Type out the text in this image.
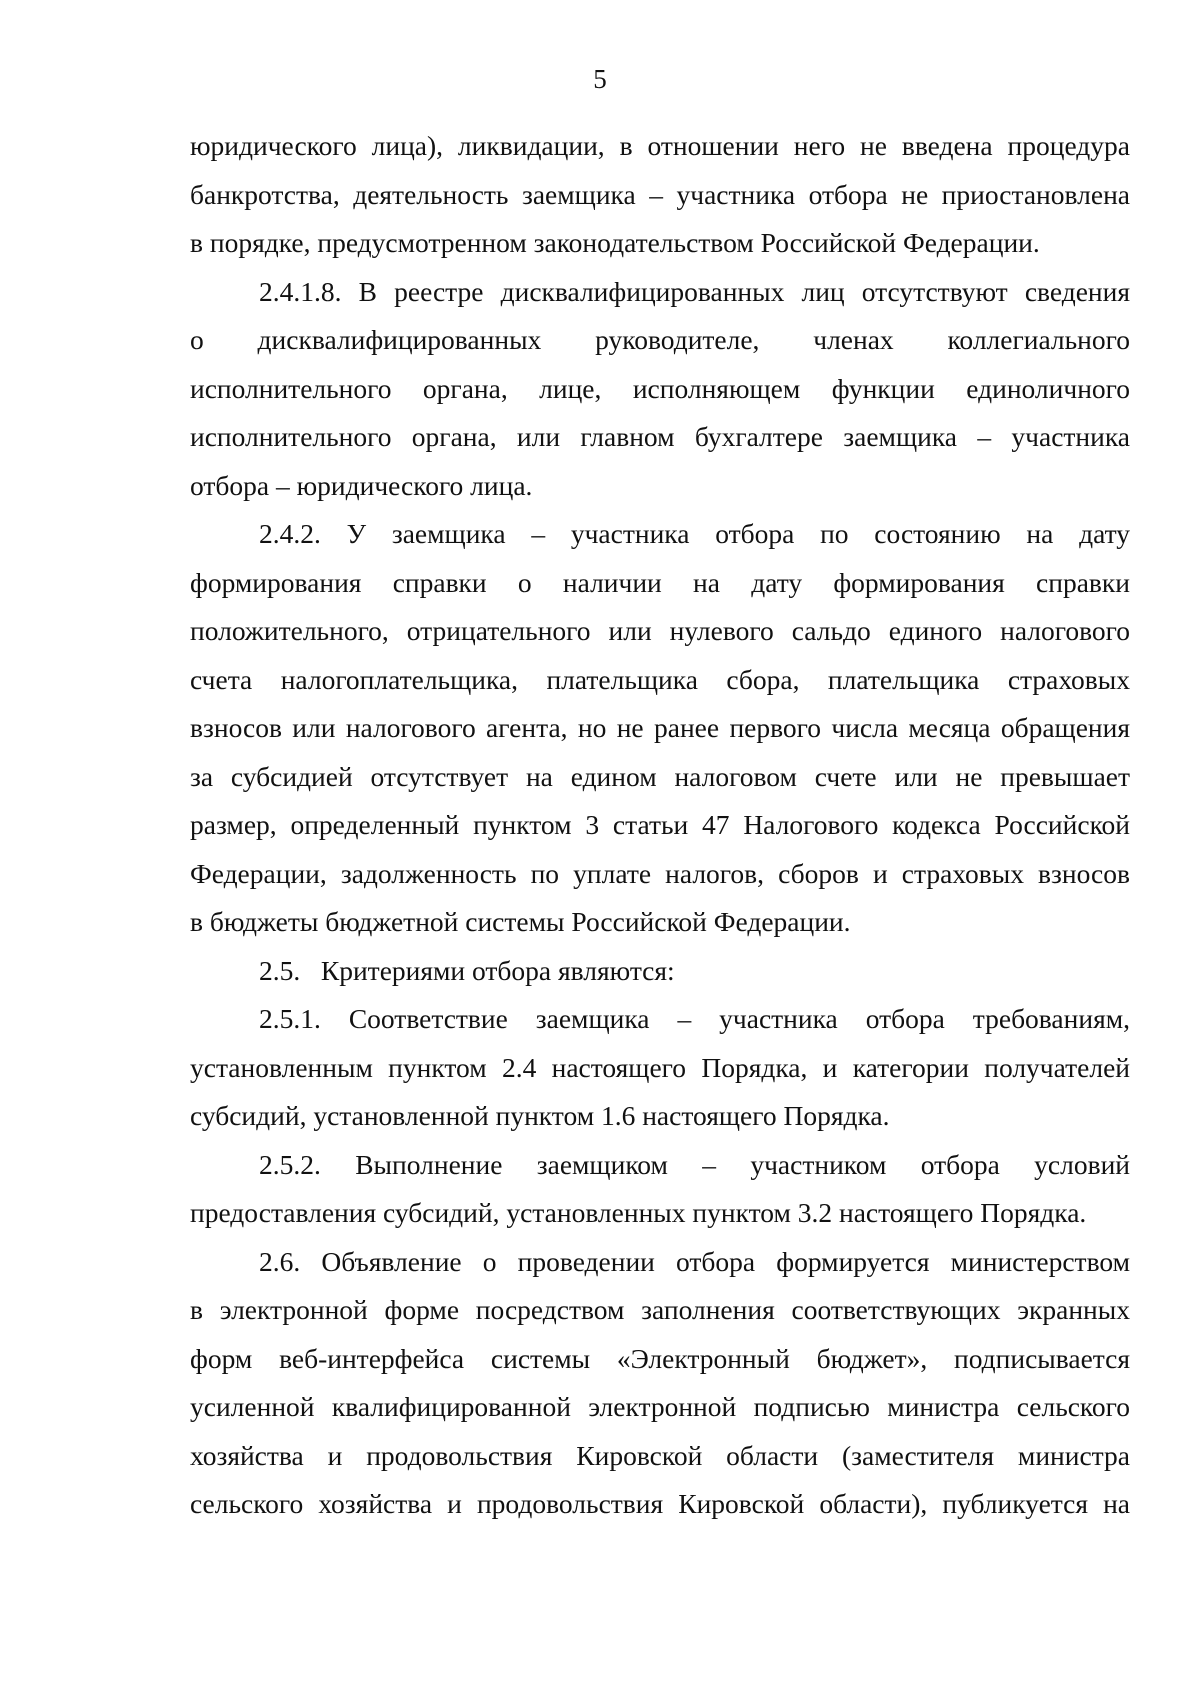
5
юридического лица), ликвидации, в отношении него не введена процедура
банкротства, деятельность заемщика – участника отбора не приостановлена
в порядке, предусмотренном законодательством Российской Федерации.
2.4.1.8. В реестре дисквалифицированных лиц отсутствуют сведения
о дисквалифицированных руководителе, членах коллегиального
исполнительного органа, лице, исполняющем функции единоличного
исполнительного органа, или главном бухгалтере заемщика – участника
отбора – юридического лица.
2.4.2. У заемщика – участника отбора по состоянию на дату
формирования справки о наличии на дату формирования справки
положительного, отрицательного или нулевого сальдо единого налогового
счета налогоплательщика, плательщика сбора, плательщика страховых
взносов или налогового агента, но не ранее первого числа месяца обращения
за субсидией отсутствует на едином налоговом счете или не превышает
размер, определенный пунктом 3 статьи 47 Налогового кодекса Российской
Федерации, задолженность по уплате налогов, сборов и страховых взносов
в бюджеты бюджетной системы Российской Федерации.
2.5.   Критериями отбора являются:
2.5.1. Соответствие заемщика – участника отбора требованиям,
установленным пунктом 2.4 настоящего Порядка, и категории получателей
субсидий, установленной пунктом 1.6 настоящего Порядка.
2.5.2. Выполнение заемщиком – участником отбора условий
предоставления субсидий, установленных пунктом 3.2 настоящего Порядка.
2.6. Объявление о проведении отбора формируется министерством
в электронной форме посредством заполнения соответствующих экранных
форм веб-интерфейса системы «Электронный бюджет», подписывается
усиленной квалифицированной электронной подписью министра сельского
хозяйства и продовольствия Кировской области (заместителя министра
сельского хозяйства и продовольствия Кировской области), публикуется на
